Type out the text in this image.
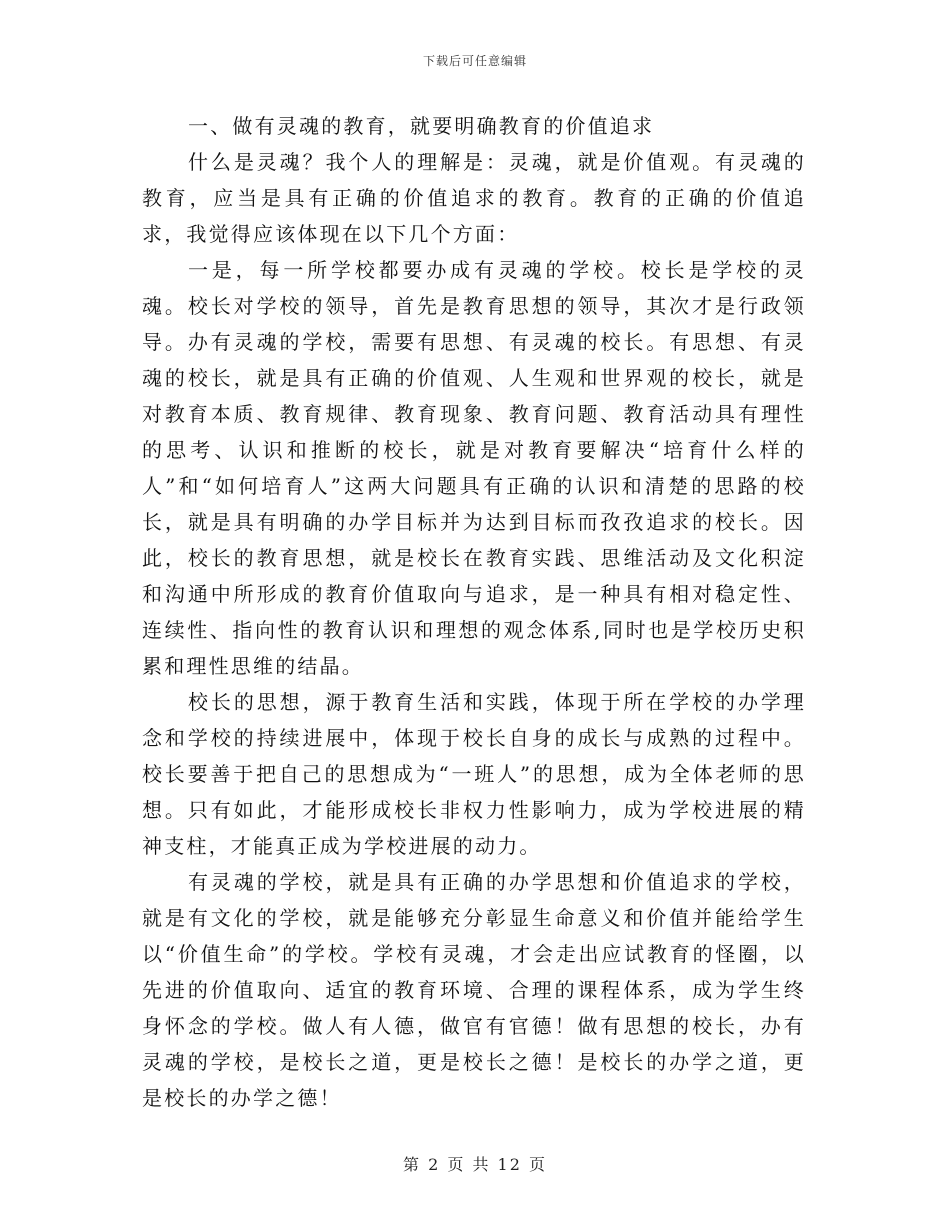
下载后可任意编辑

一、做有灵魂的教育，就要明确教育的价值追求

什么是灵魂？我个人的理解是：灵魂，就是价值观。有灵魂的教育，应当是具有正确的价值追求的教育。教育的正确的价值追求，我觉得应该体现在以下几个方面：

一是，每一所学校都要办成有灵魂的学校。校长是学校的灵魂。校长对学校的领导，首先是教育思想的领导，其次才是行政领导。办有灵魂的学校，需要有思想、有灵魂的校长。有思想、有灵魂的校长，就是具有正确的价值观、人生观和世界观的校长，就是对教育本质、教育规律、教育现象、教育问题、教育活动具有理性的思考、认识和推断的校长，就是对教育要解决“培育什么样的人”和“如何培育人”这两大问题具有正确的认识和清楚的思路的校长，就是具有明确的办学目标并为达到目标而孜孜追求的校长。因此，校长的教育思想，就是校长在教育实践、思维活动及文化积淀和沟通中所形成的教育价值取向与追求，是一种具有相对稳定性、连续性、指向性的教育认识和理想的观念体系,同时也是学校历史积累和理性思维的结晶。

校长的思想，源于教育生活和实践，体现于所在学校的办学理念和学校的持续进展中，体现于校长自身的成长与成熟的过程中。校长要善于把自己的思想成为“一班人”的思想，成为全体老师的思想。只有如此，才能形成校长非权力性影响力，成为学校进展的精神支柱，才能真正成为学校进展的动力。

有灵魂的学校，就是具有正确的办学思想和价值追求的学校，就是有文化的学校，就是能够充分彰显生命意义和价值并能给学生以“价值生命”的学校。学校有灵魂，才会走出应试教育的怪圈，以先进的价值取向、适宜的教育环境、合理的课程体系，成为学生终身怀念的学校。做人有人德，做官有官德！做有思想的校长，办有灵魂的学校，是校长之道，更是校长之德！是校长的办学之道，更是校长的办学之德！

第 2 页 共 12 页
